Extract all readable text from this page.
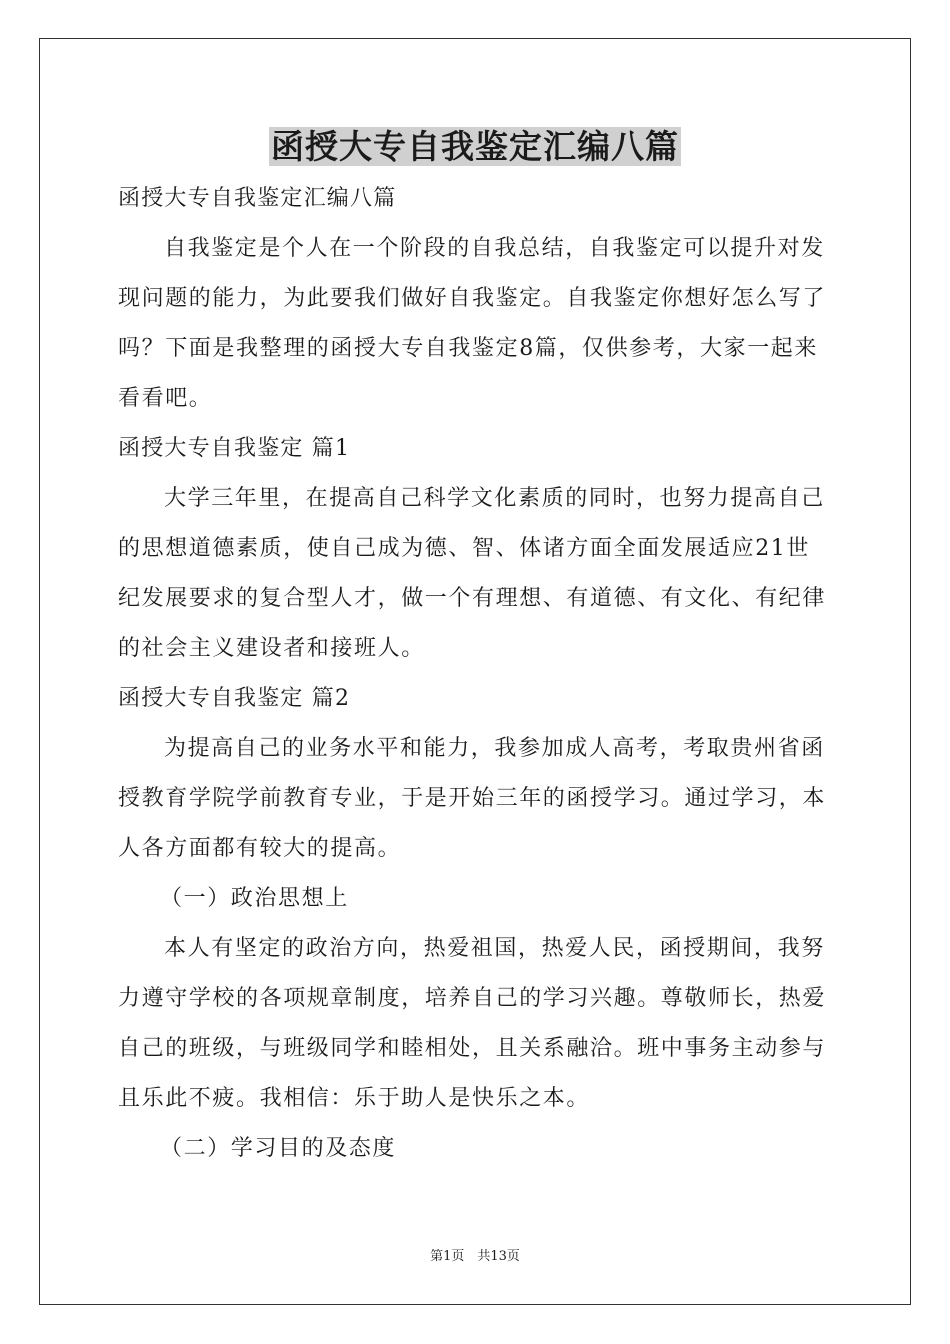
函授大专自我鉴定汇编八篇
函授大专自我鉴定汇编八篇
自我鉴定是个人在一个阶段的自我总结，自我鉴定可以提升对发
现问题的能力，为此要我们做好自我鉴定。自我鉴定你想好怎么写了
吗？下面是我整理的函授大专自我鉴定8篇，仅供参考，大家一起来
看看吧。
函授大专自我鉴定 篇1
大学三年里，在提高自己科学文化素质的同时，也努力提高自己
的思想道德素质，使自己成为德、智、体诸方面全面发展适应21世
纪发展要求的复合型人才，做一个有理想、有道德、有文化、有纪律
的社会主义建设者和接班人。
函授大专自我鉴定 篇2
为提高自己的业务水平和能力，我参加成人高考，考取贵州省函
授教育学院学前教育专业，于是开始三年的函授学习。通过学习，本
人各方面都有较大的提高。
（一）政治思想上
本人有坚定的政治方向，热爱祖国，热爱人民，函授期间，我努
力遵守学校的各项规章制度，培养自己的学习兴趣。尊敬师长，热爱
自己的班级，与班级同学和睦相处，且关系融洽。班中事务主动参与
且乐此不疲。我相信：乐于助人是快乐之本。
（二）学习目的及态度
第1页　共13页
